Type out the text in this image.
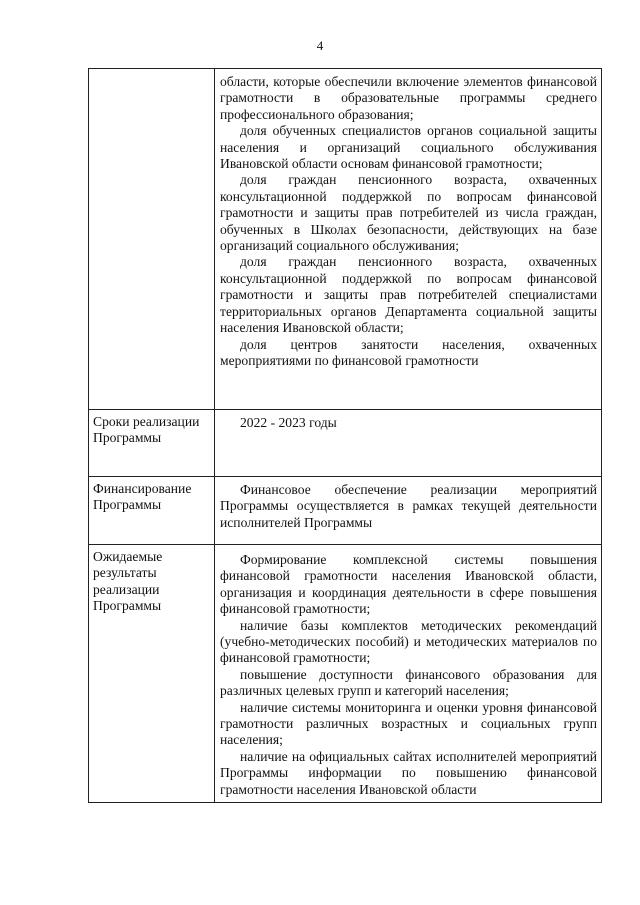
4

	области, которые обеспечили включение элементов финансовой грамотности в образовательные программы среднего профессионального образования;
доля обученных специалистов органов социальной защиты населения и организаций социального обслуживания Ивановской области основам финансовой грамотности;
доля граждан пенсионного возраста, охваченных консультационной поддержкой по вопросам финансовой грамотности и защиты прав потребителей из числа граждан, обученных в Школах безопасности, действующих на базе организаций социального обслуживания;
доля граждан пенсионного возраста, охваченных консультационной поддержкой по вопросам финансовой грамотности и защиты прав потребителей специалистами территориальных органов Департамента социальной защиты населения Ивановской области;
доля центров занятости населения, охваченных мероприятиями по финансовой грамотности

Сроки реализации Программы	2022 - 2023 годы

Финансирование Программы	Финансовое обеспечение реализации мероприятий Программы осуществляется в рамках текущей деятельности исполнителей Программы

Ожидаемые результаты реализации Программы	Формирование комплексной системы повышения финансовой грамотности населения Ивановской области, организация и координация деятельности в сфере повышения финансовой грамотности;
наличие базы комплектов методических рекомендаций (учебно-методических пособий) и методических материалов по финансовой грамотности;
повышение доступности финансового образования для различных целевых групп и категорий населения;
наличие системы мониторинга и оценки уровня финансовой грамотности различных возрастных и социальных групп населения;
наличие на официальных сайтах исполнителей мероприятий Программы информации по повышению финансовой грамотности населения Ивановской области
